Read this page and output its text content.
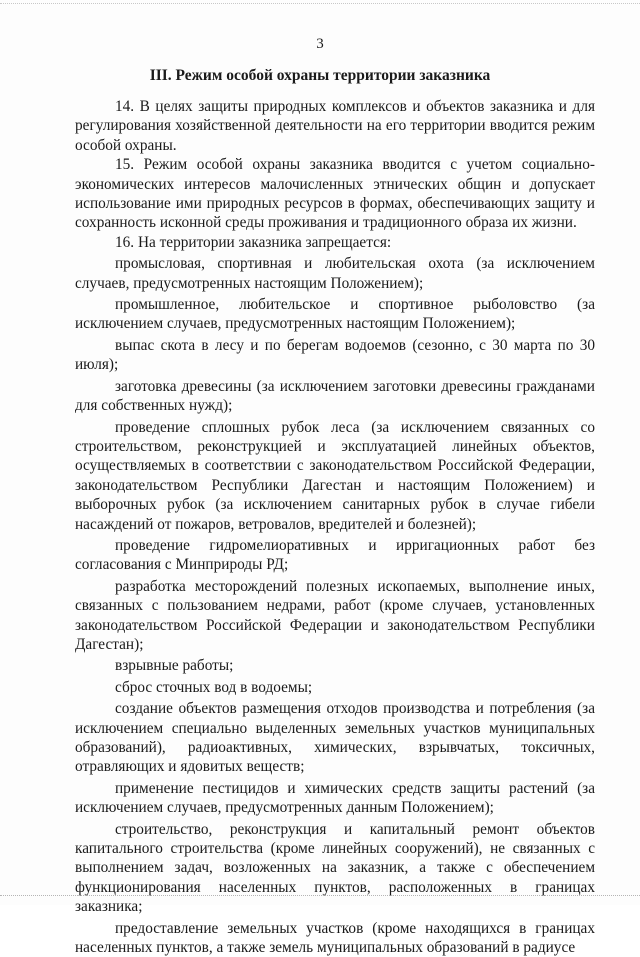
3
III. Режим особой охраны территории заказника

14. В целях защиты природных комплексов и объектов заказника и для регулирования хозяйственной деятельности на его территории вводится режим особой охраны.

15. Режим особой охраны заказника вводится с учетом социально-экономических интересов малочисленных этнических общин и допускает использование ими природных ресурсов в формах, обеспечивающих защиту и сохранность исконной среды проживания и традиционного образа их жизни.

16. На территории заказника запрещается:

промысловая, спортивная и любительская охота (за исключением случаев, предусмотренных настоящим Положением);

промышленное, любительское и спортивное рыболовство (за исключением случаев, предусмотренных настоящим Положением);

выпас скота в лесу и по берегам водоемов (сезонно, с 30 марта по 30 июля);

заготовка древесины (за исключением заготовки древесины гражданами для собственных нужд);

проведение сплошных рубок леса (за исключением связанных со строительством, реконструкцией и эксплуатацией линейных объектов, осуществляемых в соответствии с законодательством Российской Федерации, законодательством Республики Дагестан и настоящим Положением) и выборочных рубок (за исключением санитарных рубок в случае гибели насаждений от пожаров, ветровалов, вредителей и болезней);

проведение гидромелиоративных и ирригационных работ без согласования с Минприроды РД;

разработка месторождений полезных ископаемых, выполнение иных, связанных с пользованием недрами, работ (кроме случаев, установленных законодательством Российской Федерации и законодательством Республики Дагестан);

взрывные работы;

сброс сточных вод в водоемы;

создание объектов размещения отходов производства и потребления (за исключением специально выделенных земельных участков муниципальных образований), радиоактивных, химических, взрывчатых, токсичных, отравляющих и ядовитых веществ;

применение пестицидов и химических средств защиты растений (за исключением случаев, предусмотренных данным Положением);

строительство, реконструкция и капитальный ремонт объектов капитального строительства (кроме линейных сооружений), не связанных с выполнением задач, возложенных на заказник, а также с обеспечением функционирования населенных пунктов, расположенных в границах заказника;

предоставление земельных участков (кроме находящихся в границах населенных пунктов, а также земель муниципальных образований в радиусе
